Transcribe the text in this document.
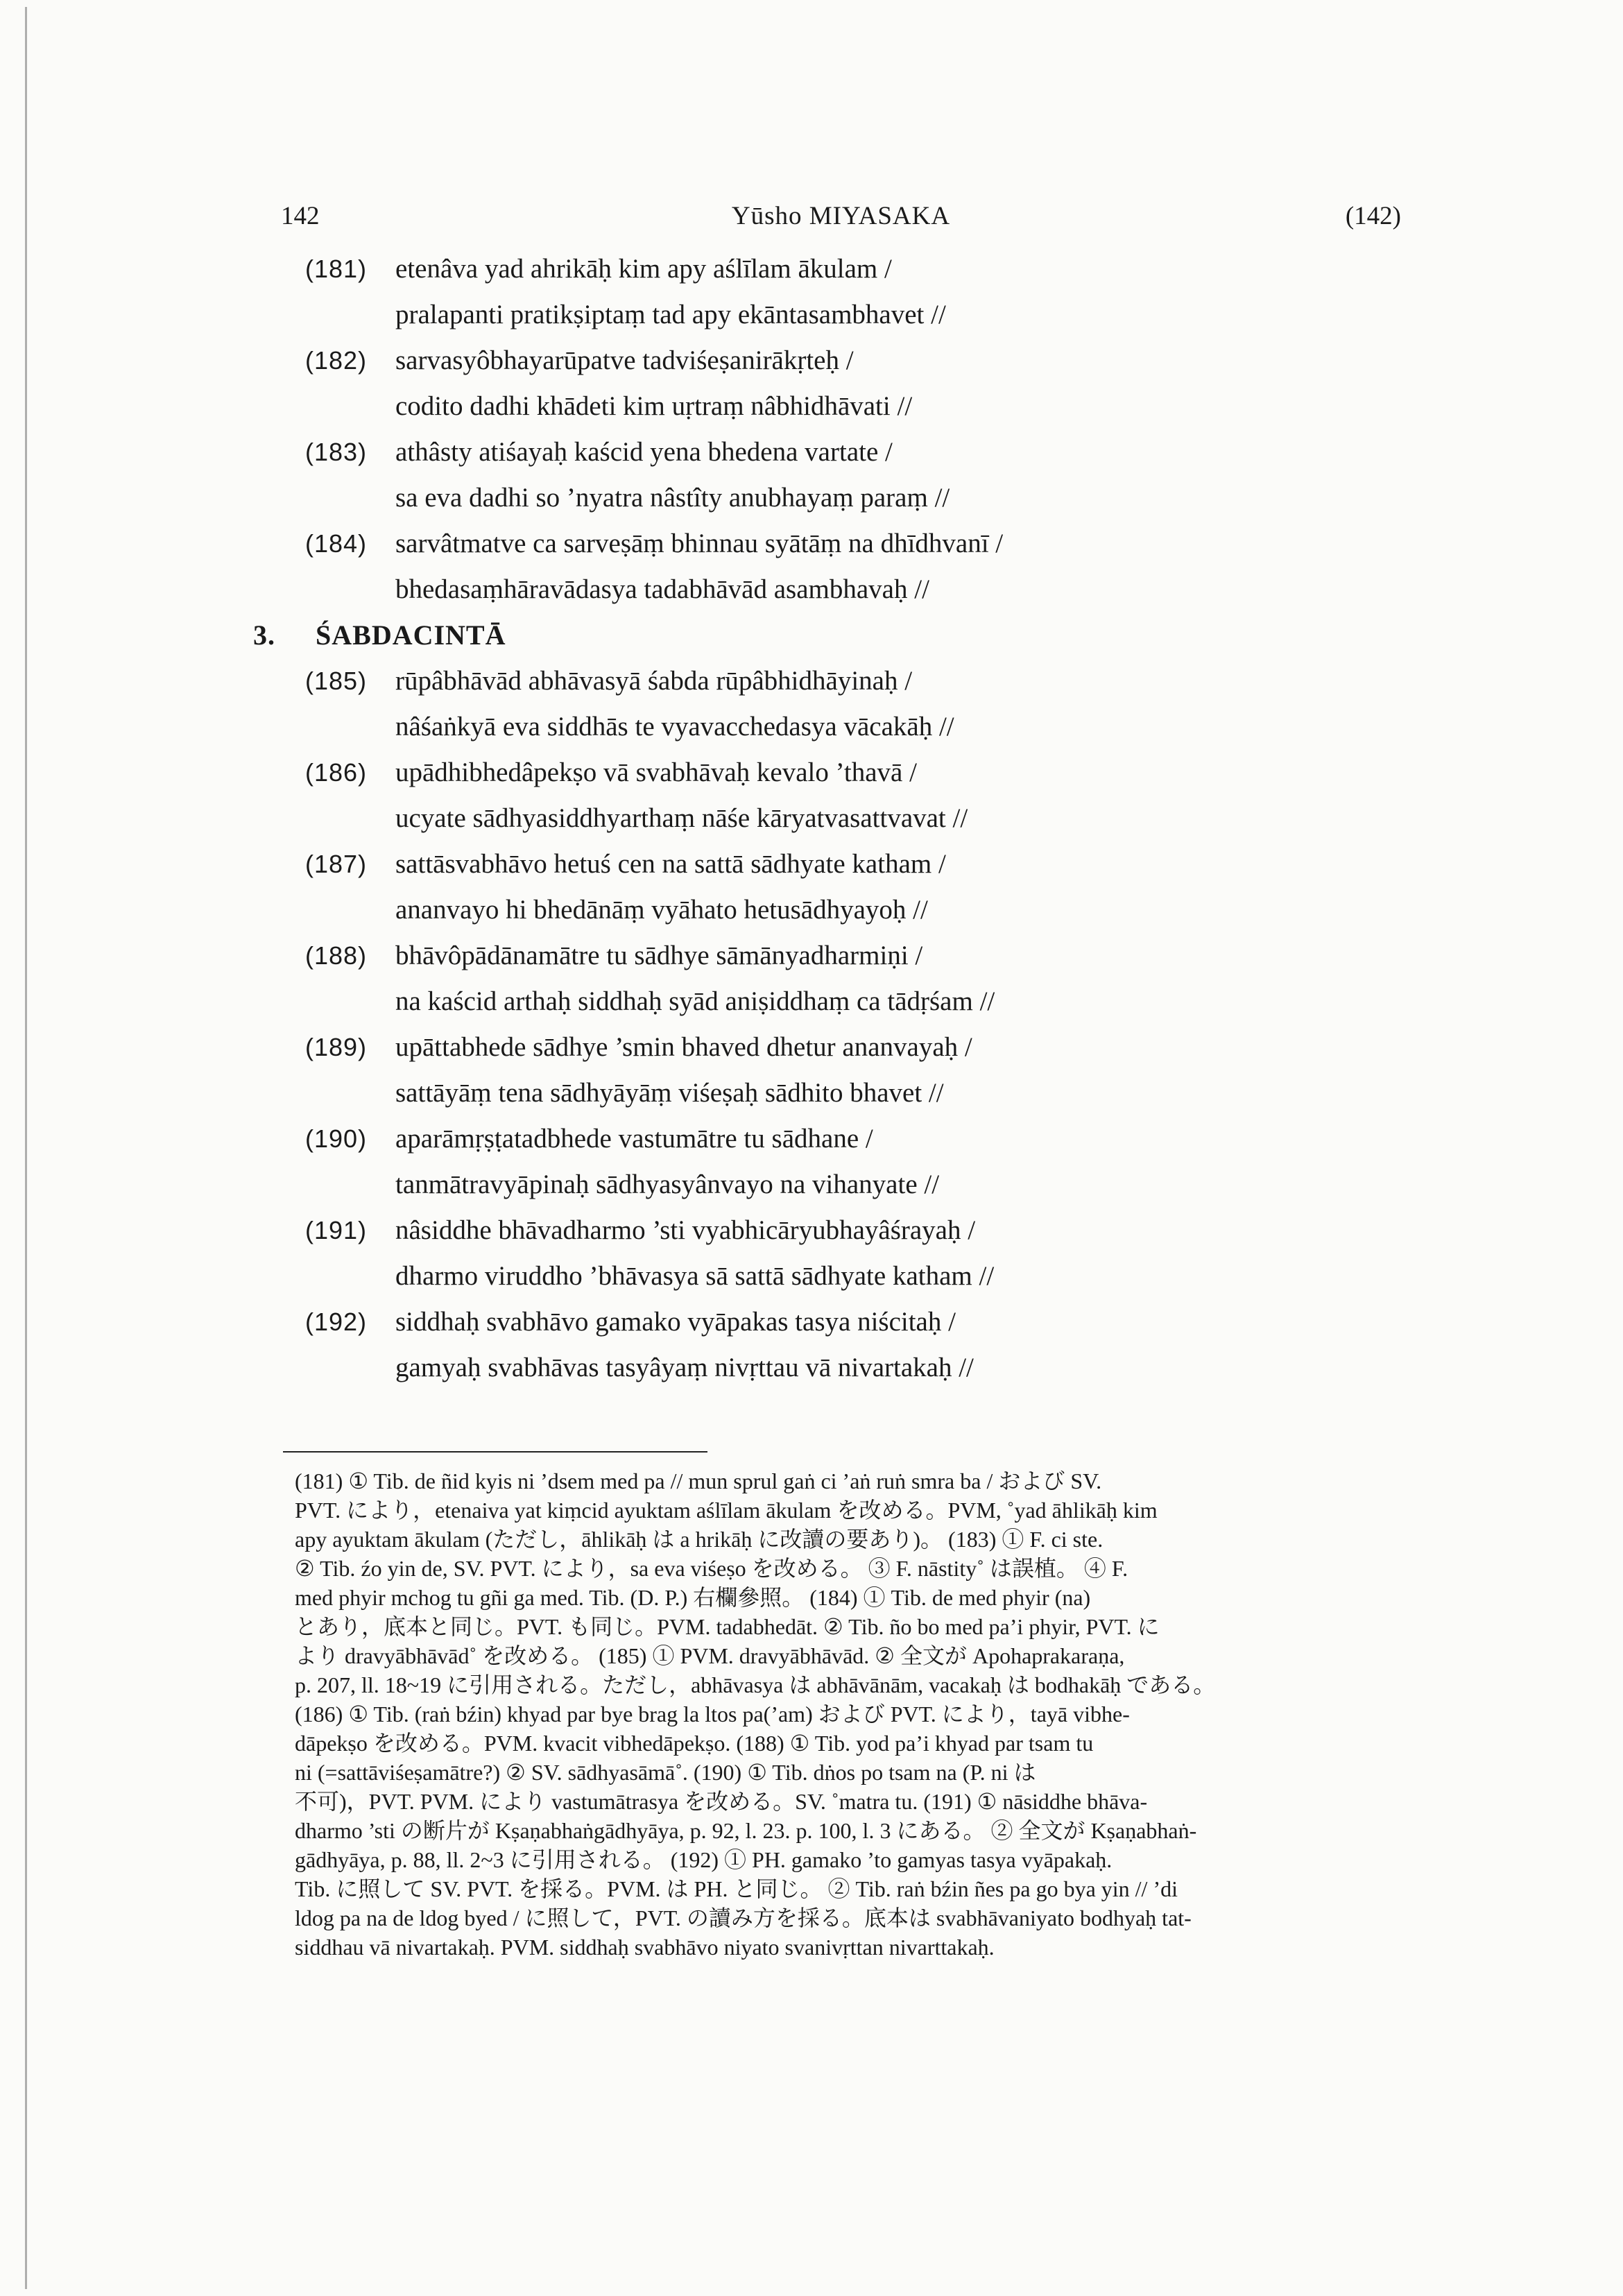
142	Yūsho MIYASAKA	(142)
(181)	etenâva yad ahrikāḥ kim apy aślīlam ākulam /
pralapanti pratikṣiptaṃ tad apy ekāntasambhavet //
(182)	sarvasyôbhayarūpatve tadviśeṣanirākṛteḥ /
codito dadhi khādeti kim uṛtraṃ nâbhidhāvati //
(183)	athâsty atiśayaḥ kaścid yena bhedena vartate /
sa eva dadhi so ’nyatra nâstîty anubhayaṃ paraṃ //
(184)	sarvâtmatve ca sarveṣāṃ bhinnau syātāṃ na dhīdhvanī /
bhedasaṃhāravādasya tadabhāvād asambhavaḥ //
3. ŚABDACINTĀ
(185)	rūpâbhāvād abhāvasyā śabda rūpâbhidhāyinaḥ /
nâśaṅkyā eva siddhās te vyavacchedasya vācakāḥ //
(186)	upādhibhedâpekṣo vā svabhāvaḥ kevalo ’thavā /
ucyate sādhyasiddhyarthaṃ nāśe kāryatvasattvavat //
(187)	sattāsvabhāvo hetuś cen na sattā sādhyate katham /
ananvayo hi bhedānāṃ vyāhato hetusādhyayoḥ //
(188)	bhāvôpādānamātre tu sādhye sāmānyadharmiṇi /
na kaścid arthaḥ siddhaḥ syād aniṣiddhaṃ ca tādṛśam //
(189)	upāttabhede sādhye ’smin bhaved dhetur ananvayaḥ /
sattāyāṃ tena sādhyāyāṃ viśeṣaḥ sādhito bhavet //
(190)	aparāmṛṣṭatadbhede vastumātre tu sādhane /
tanmātravyāpinaḥ sādhyasyânvayo na vihanyate //
(191)	nâsiddhe bhāvadharmo ’sti vyabhicāryubhayâśrayaḥ /
dharmo viruddho ’bhāvasya sā sattā sādhyate katham //
(192)	siddhaḥ svabhāvo gamako vyāpakas tasya niścitaḥ /
gamyaḥ svabhāvas tasyâyaṃ nivṛttau vā nivartakaḥ //

(181) ① Tib. de ñid kyis ni ’dsem med pa // mun sprul gaṅ ci ’aṅ ruṅ smra ba / および SV.

PVT. により，etenaiva yat kiṃcid ayuktam aślīlam ākulam を改める。PVM, ˚yad āhlikāḥ kim

apy ayuktam ākulam (ただし，āhlikāḥ は a hrikāḥ に改讀の要あり)。 (183) ① F. ci ste.

② Tib. źo yin de, SV. PVT. により，sa eva viśeṣo を改める。 ③ F. nāstity˚ は誤植。 ④ F.

med phyir mchog tu gñi ga med. Tib. (D. P.) 右欄參照。 (184) ① Tib. de med phyir (na)

とあり，底本と同じ。PVT. も同じ。PVM. tadabhedāt. ② Tib. ño bo med pa’i phyir, PVT. に

より dravyābhāvād˚ を改める。 (185) ① PVM. dravyābhāvād. ② 全文が Apohaprakaraṇa,

p. 207, ll. 18~19 に引用される。ただし，abhāvasya は abhāvānām, vacakaḥ は bodhakāḥ である。

(186) ① Tib. (raṅ bźin) khyad par bye brag la ltos pa(’am) および PVT. により，tayā vibhe-

dāpekṣo を改める。PVM. kvacit vibhedāpekṣo. (188) ① Tib. yod pa’i khyad par tsam tu

ni (=sattāviśeṣamātre?) ② SV. sādhyasāmā˚. (190) ① Tib. dṅos po tsam na (P. ni は

不可)，PVT. PVM. により vastumātrasya を改める。SV. ˚matra tu. (191) ① nāsiddhe bhāva-

dharmo ’sti の断片が Kṣaṇabhaṅgādhyāya, p. 92, l. 23. p. 100, l. 3 にある。 ② 全文が Kṣaṇabhaṅ-

gādhyāya, p. 88, ll. 2~3 に引用される。 (192) ① PH. gamako ’to gamyas tasya vyāpakaḥ.

Tib. に照して SV. PVT. を採る。PVM. は PH. と同じ。 ② Tib. raṅ bźin ñes pa go bya yin // ’di

ldog pa na de ldog byed / に照して，PVT. の讀み方を採る。底本は svabhāvaniyato bodhyaḥ tat-

siddhau vā nivartakaḥ. PVM. siddhaḥ svabhāvo niyato svanivṛttan nivarttakaḥ.
